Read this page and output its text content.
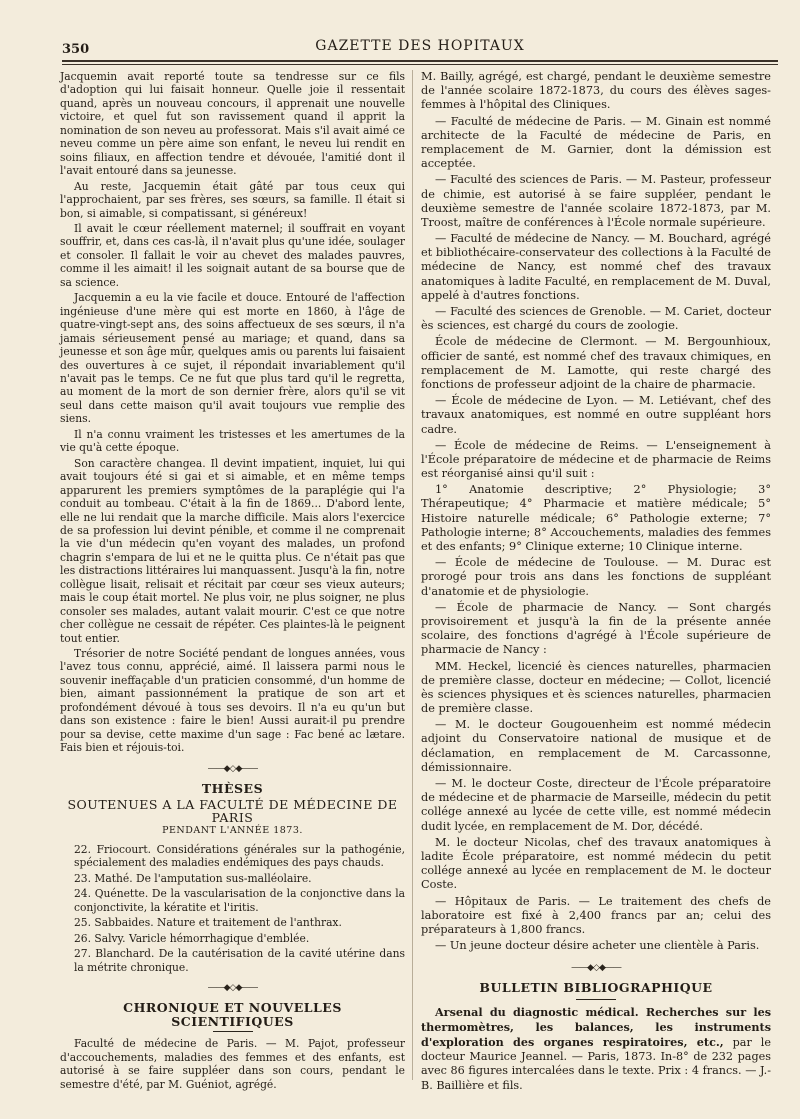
350	GAZETTE DES HOPITAUX

Jacquemin avait reporté toute sa tendresse sur ce fils d'adoption qui lui faisait honneur. Quelle joie il ressentait quand, après un nouveau concours, il apprenait une nouvelle victoire, et quel fut son ravissement quand il apprit la nomination de son neveu au professorat. Mais s'il avait aimé ce neveu comme un père aime son enfant, le neveu lui rendit en soins filiaux, en affection tendre et dévouée, l'amitié dont il l'avait entouré dans sa jeunesse.

Au reste, Jacquemin était gâté par tous ceux qui l'approchaient, par ses frères, ses sœurs, sa famille. Il était si bon, si aimable, si compatissant, si généreux!

Il avait le cœur réellement maternel; il souffrait en voyant souffrir, et, dans ces cas-là, il n'avait plus qu'une idée, soulager et consoler. Il fallait le voir au chevet des malades pauvres, comme il les aimait! il les soignait autant de sa bourse que de sa science.

Jacquemin a eu la vie facile et douce. Entouré de l'affection ingénieuse d'une mère qui est morte en 1860, à l'âge de quatre-vingt-sept ans, des soins affectueux de ses sœurs, il n'a jamais sérieusement pensé au mariage; et quand, dans sa jeunesse et son âge mûr, quelques amis ou parents lui faisaient des ouvertures à ce sujet, il répondait invariablement qu'il n'avait pas le temps. Ce ne fut que plus tard qu'il le regretta, au moment de la mort de son dernier frère, alors qu'il se vit seul dans cette maison qu'il avait toujours vue remplie des siens.

Il n'a connu vraiment les tristesses et les amertumes de la vie qu'à cette époque.

Son caractère changea. Il devint impatient, inquiet, lui qui avait toujours été si gai et si aimable, et en même temps apparurent les premiers symptômes de la paraplégie qui l'a conduit au tombeau. C'était à la fin de 1869... D'abord lente, elle ne lui rendait que la marche difficile. Mais alors l'exercice de sa profession lui devint pénible, et comme il ne comprenait la vie d'un médecin qu'en voyant des malades, un profond chagrin s'empara de lui et ne le quitta plus. Ce n'était pas que les distractions littéraires lui manquassent. Jusqu'à la fin, notre collègue lisait, relisait et récitait par cœur ses vieux auteurs; mais le coup était mortel. Ne plus voir, ne plus soigner, ne plus consoler ses malades, autant valait mourir. C'est ce que notre cher collègue ne cessait de répéter. Ces plaintes-là le peignent tout entier.

Trésorier de notre Société pendant de longues années, vous l'avez tous connu, apprécié, aimé. Il laissera parmi nous le souvenir ineffaçable d'un praticien consommé, d'un homme de bien, aimant passionnément la pratique de son art et profondément dévoué à tous ses devoirs. Il n'a eu qu'un but dans son existence : faire le bien! Aussi aurait-il pu prendre pour sa devise, cette maxime d'un sage : Fac bené ac lætare. Fais bien et réjouis-toi.

——◆◇◆——
THÈSES
SOUTENUES A LA FACULTÉ DE MÉDECINE DE PARIS
PENDANT L'ANNÉE 1873.

22. Friocourt. Considérations générales sur la pathogénie, spécialement des maladies endémiques des pays chauds.

23. Mathé. De l'amputation sus-malléolaire.

24. Quénette. De la vascularisation de la conjonctive dans la conjonctivite, la kératite et l'iritis.

25. Sabbaides. Nature et traitement de l'anthrax.

26. Salvy. Varicle hémorrhagique d'emblée.

27. Blanchard. De la cautérisation de la cavité utérine dans la métrite chronique.

——◆◇◆——
CHRONIQUE ET NOUVELLES SCIENTIFIQUES

Faculté de médecine de Paris. — M. Pajot, professeur d'accouchements, maladies des femmes et des enfants, est autorisé à se faire suppléer dans son cours, pendant le semestre d'été, par M. Guéniot, agrégé.

M. Bailly, agrégé, est chargé, pendant le deuxième semestre de l'année scolaire 1872-1873, du cours des élèves sages-femmes à l'hôpital des Cliniques.

— Faculté de médecine de Paris. — M. Ginain est nommé architecte de la Faculté de médecine de Paris, en remplacement de M. Garnier, dont la démission est acceptée.

— Faculté des sciences de Paris. — M. Pasteur, professeur de chimie, est autorisé à se faire suppléer, pendant le deuxième semestre de l'année scolaire 1872-1873, par M. Troost, maître de conférences à l'École normale supérieure.

— Faculté de médecine de Nancy. — M. Bouchard, agrégé et bibliothécaire-conservateur des collections à la Faculté de médecine de Nancy, est nommé chef des travaux anatomiques à ladite Faculté, en remplacement de M. Duval, appelé à d'autres fonctions.

— Faculté des sciences de Grenoble. — M. Cariet, docteur ès sciences, est chargé du cours de zoologie.

École de médecine de Clermont. — M. Bergounhioux, officier de santé, est nommé chef des travaux chimiques, en remplacement de M. Lamotte, qui reste chargé des fonctions de professeur adjoint de la chaire de pharmacie.

— École de médecine de Lyon. — M. Letiévant, chef des travaux anatomiques, est nommé en outre suppléant hors cadre.

— École de médecine de Reims. — L'enseignement à l'École préparatoire de médecine et de pharmacie de Reims est réorganisé ainsi qu'il suit :

1° Anatomie descriptive; 2° Physiologie; 3° Thérapeutique; 4° Pharmacie et matière médicale; 5° Histoire naturelle médicale; 6° Pathologie externe; 7° Pathologie interne; 8° Accouchements, maladies des femmes et des enfants; 9° Clinique externe; 10 Clinique interne.

— École de médecine de Toulouse. — M. Durac est prorogé pour trois ans dans les fonctions de suppléant d'anatomie et de physiologie.

— École de pharmacie de Nancy. — Sont chargés provisoirement et jusqu'à la fin de la présente année scolaire, des fonctions d'agrégé à l'École supérieure de pharmacie de Nancy :

MM. Heckel, licencié ès ciences naturelles, pharmacien de première classe, docteur en médecine; — Collot, licencié ès sciences physiques et ès sciences naturelles, pharmacien de première classe.

— M. le docteur Gougouenheim est nommé médecin adjoint du Conservatoire national de musique et de déclamation, en remplacement de M. Carcassonne, démissionnaire.

— M. le docteur Coste, directeur de l'École préparatoire de médecine et de pharmacie de Marseille, médecin du petit collége annexé au lycée de cette ville, est nommé médecin dudit lycée, en remplacement de M. Dor, décédé.

M. le docteur Nicolas, chef des travaux anatomiques à ladite École préparatoire, est nommé médecin du petit collége annexé au lycée en remplacement de M. le docteur Coste.

— Hôpitaux de Paris. — Le traitement des chefs de laboratoire est fixé à 2,400 francs par an; celui des préparateurs à 1,800 francs.

— Un jeune docteur désire acheter une clientèle à Paris.

——◆◇◆——
BULLETIN BIBLIOGRAPHIQUE

Arsenal du diagnostic médical. Recherches sur les thermomètres, les balances, les instruments d'exploration des organes respiratoires, etc., par le docteur Maurice Jeannel. — Paris, 1873. In-8° de 232 pages avec 86 figures intercalées dans le texte. Prix : 4 francs. — J.-B. Baillière et fils.
